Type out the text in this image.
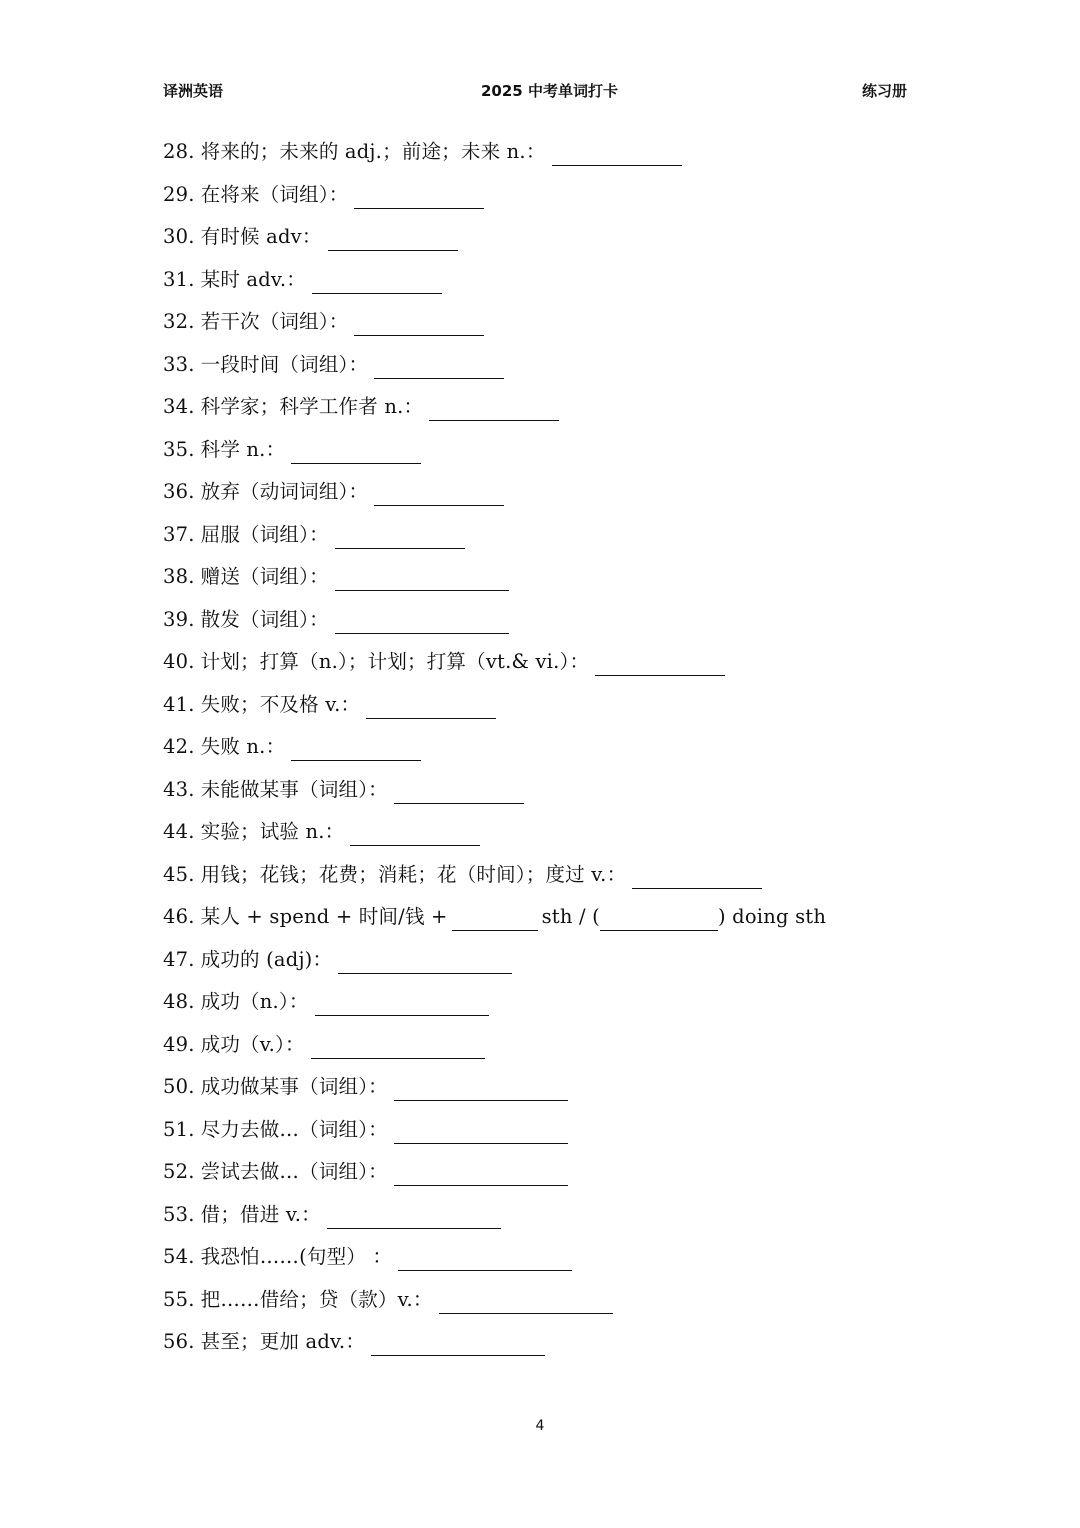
译洲英语	2025 中考单词打卡	练习册
28. 将来的；未来的 adj.；前途；未来 n.：
29. 在将来（词组）：
30. 有时候 adv：
31. 某时 adv.：
32. 若干次（词组）：
33. 一段时间（词组）：
34. 科学家；科学工作者 n.：
35. 科学 n.：
36. 放弃（动词词组）：
37. 屈服（词组）：
38. 赠送（词组）：
39. 散发（词组）：
40. 计划；打算（n.）；计划；打算（vt.& vi.）：
41. 失败；不及格 v.：
42. 失败 n.：
43. 未能做某事（词组）：
44. 实验；试验 n.：
45. 用钱；花钱；花费；消耗；花（时间）；度过 v.：
46. 某人 + spend + 时间/钱 +	sth / (	) doing sth
47. 成功的 (adj)：
48. 成功（n.）：
49. 成功（v.）：
50. 成功做某事（词组）：
51. 尽力去做…（词组）：
52. 尝试去做…（词组）：
53. 借；借进 v.：
54. 我恐怕……(句型） ：
55. 把……借给；贷（款）v.：
56. 甚至；更加 adv.：
4
